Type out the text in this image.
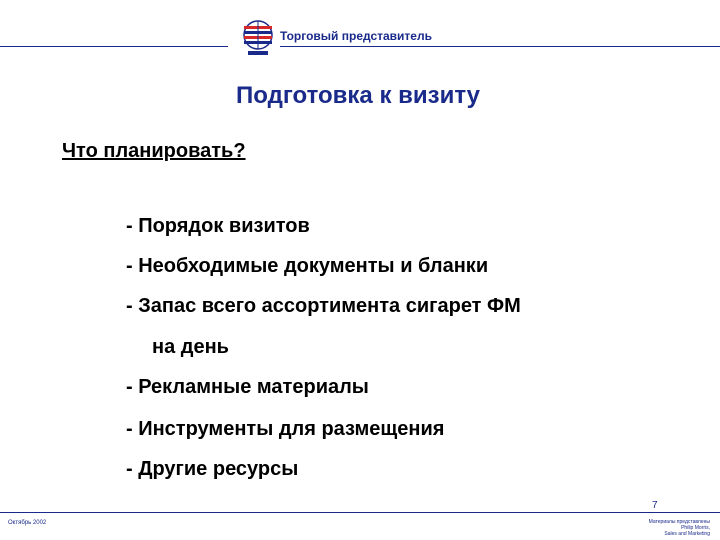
Торговый представитель
Подготовка к визиту
Что планировать?
- Порядок визитов
- Необходимые документы и бланки
- Запас всего ассортимента сигарет ФМ
на день
- Рекламные материалы
- Инструменты для размещения
- Другие ресурсы
7
Октябрь 2002	Материалы представлены
Philip Morris,
Sales and Marketing
